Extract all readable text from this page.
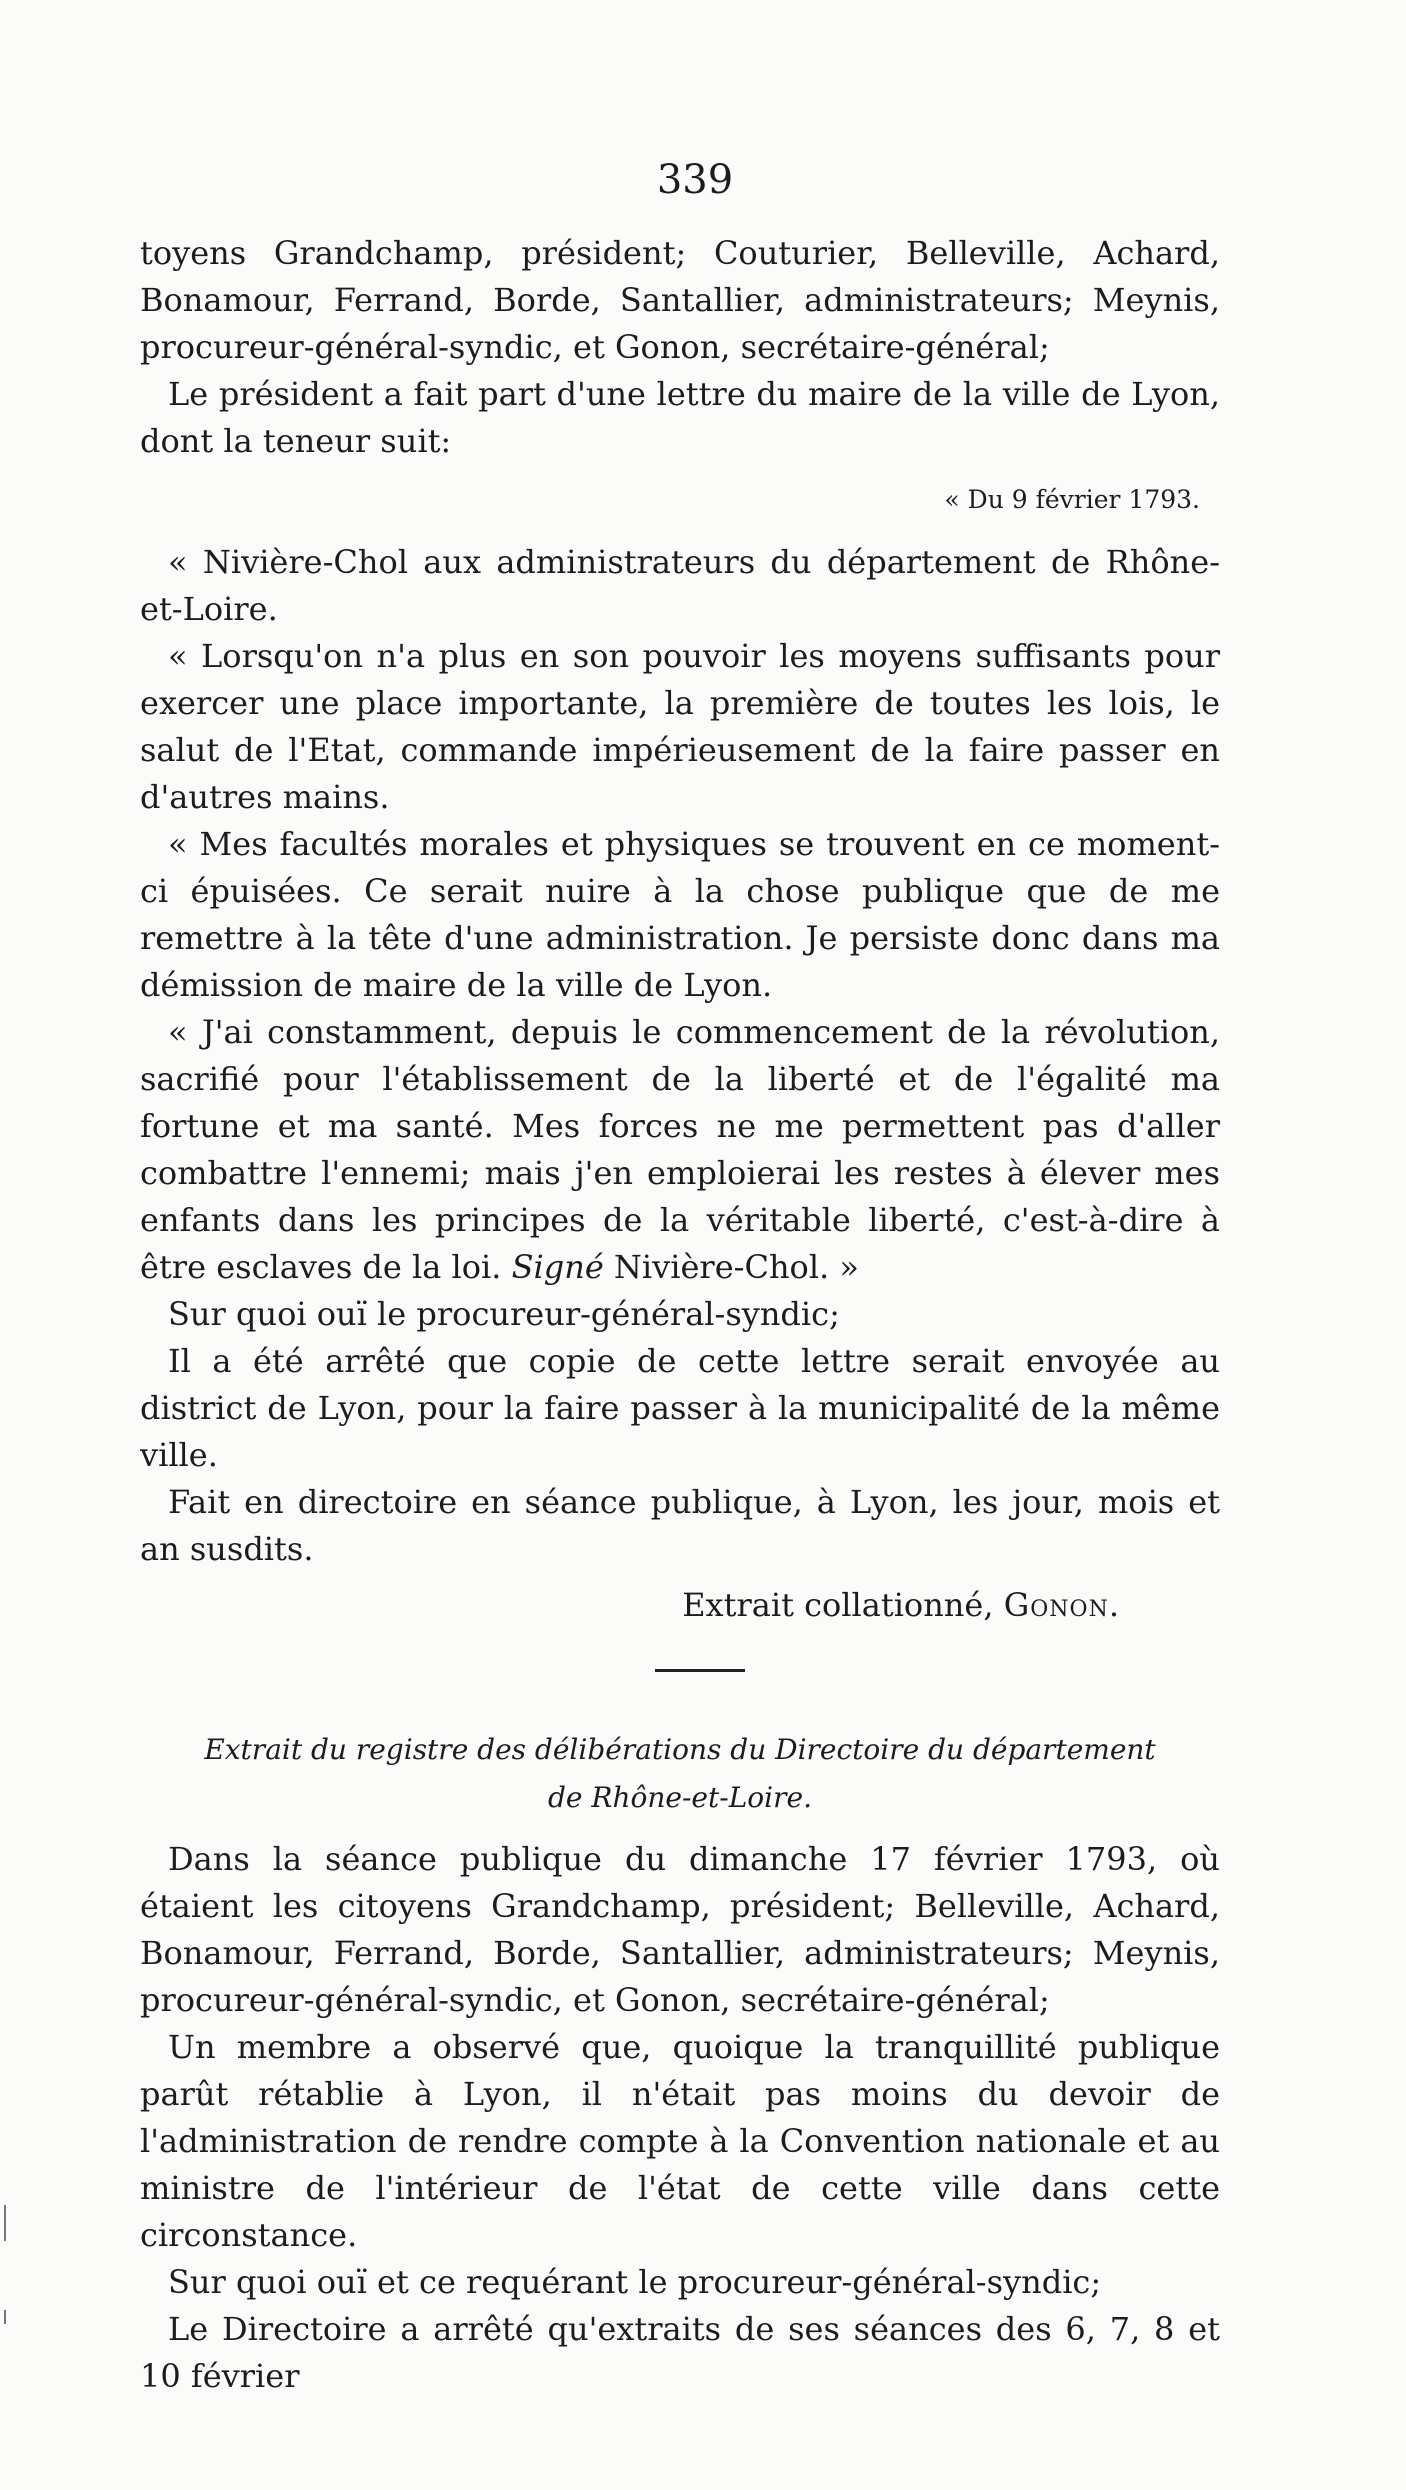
339

toyens Grandchamp, président; Couturier, Belleville, Achard, Bonamour, Ferrand, Borde, Santallier, administrateurs; Meynis, procureur-général-syndic, et Gonon, secrétaire-général;

Le président a fait part d'une lettre du maire de la ville de Lyon, dont la teneur suit:

« Du 9 février 1793.

« Nivière-Chol aux administrateurs du département de Rhône-et-Loire.

« Lorsqu'on n'a plus en son pouvoir les moyens suffisants pour exercer une place importante, la première de toutes les lois, le salut de l'Etat, commande impérieusement de la faire passer en d'autres mains.

« Mes facultés morales et physiques se trouvent en ce moment-ci épuisées. Ce serait nuire à la chose publique que de me remettre à la tête d'une administration. Je persiste donc dans ma démission de maire de la ville de Lyon.

« J'ai constamment, depuis le commencement de la révolution, sacrifié pour l'établissement de la liberté et de l'égalité ma fortune et ma santé. Mes forces ne me permettent pas d'aller combattre l'ennemi; mais j'en emploierai les restes à élever mes enfants dans les principes de la véritable liberté, c'est-à-dire à être esclaves de la loi. Signé Nivière-Chol. »

Sur quoi ouï le procureur-général-syndic;

Il a été arrêté que copie de cette lettre serait envoyée au district de Lyon, pour la faire passer à la municipalité de la même ville.

Fait en directoire en séance publique, à Lyon, les jour, mois et an susdits.

Extrait collationné, Gonon.

Extrait du registre des délibérations du Directoire du département
de Rhône-et-Loire.

Dans la séance publique du dimanche 17 février 1793, où étaient les citoyens Grandchamp, président; Belleville, Achard, Bonamour, Ferrand, Borde, Santallier, administrateurs; Meynis, procureur-général-syndic, et Gonon, secrétaire-général;

Un membre a observé que, quoique la tranquillité publique parût rétablie à Lyon, il n'était pas moins du devoir de l'administration de rendre compte à la Convention nationale et au ministre de l'intérieur de l'état de cette ville dans cette circonstance.

Sur quoi ouï et ce requérant le procureur-général-syndic;

Le Directoire a arrêté qu'extraits de ses séances des 6, 7, 8 et 10 février
